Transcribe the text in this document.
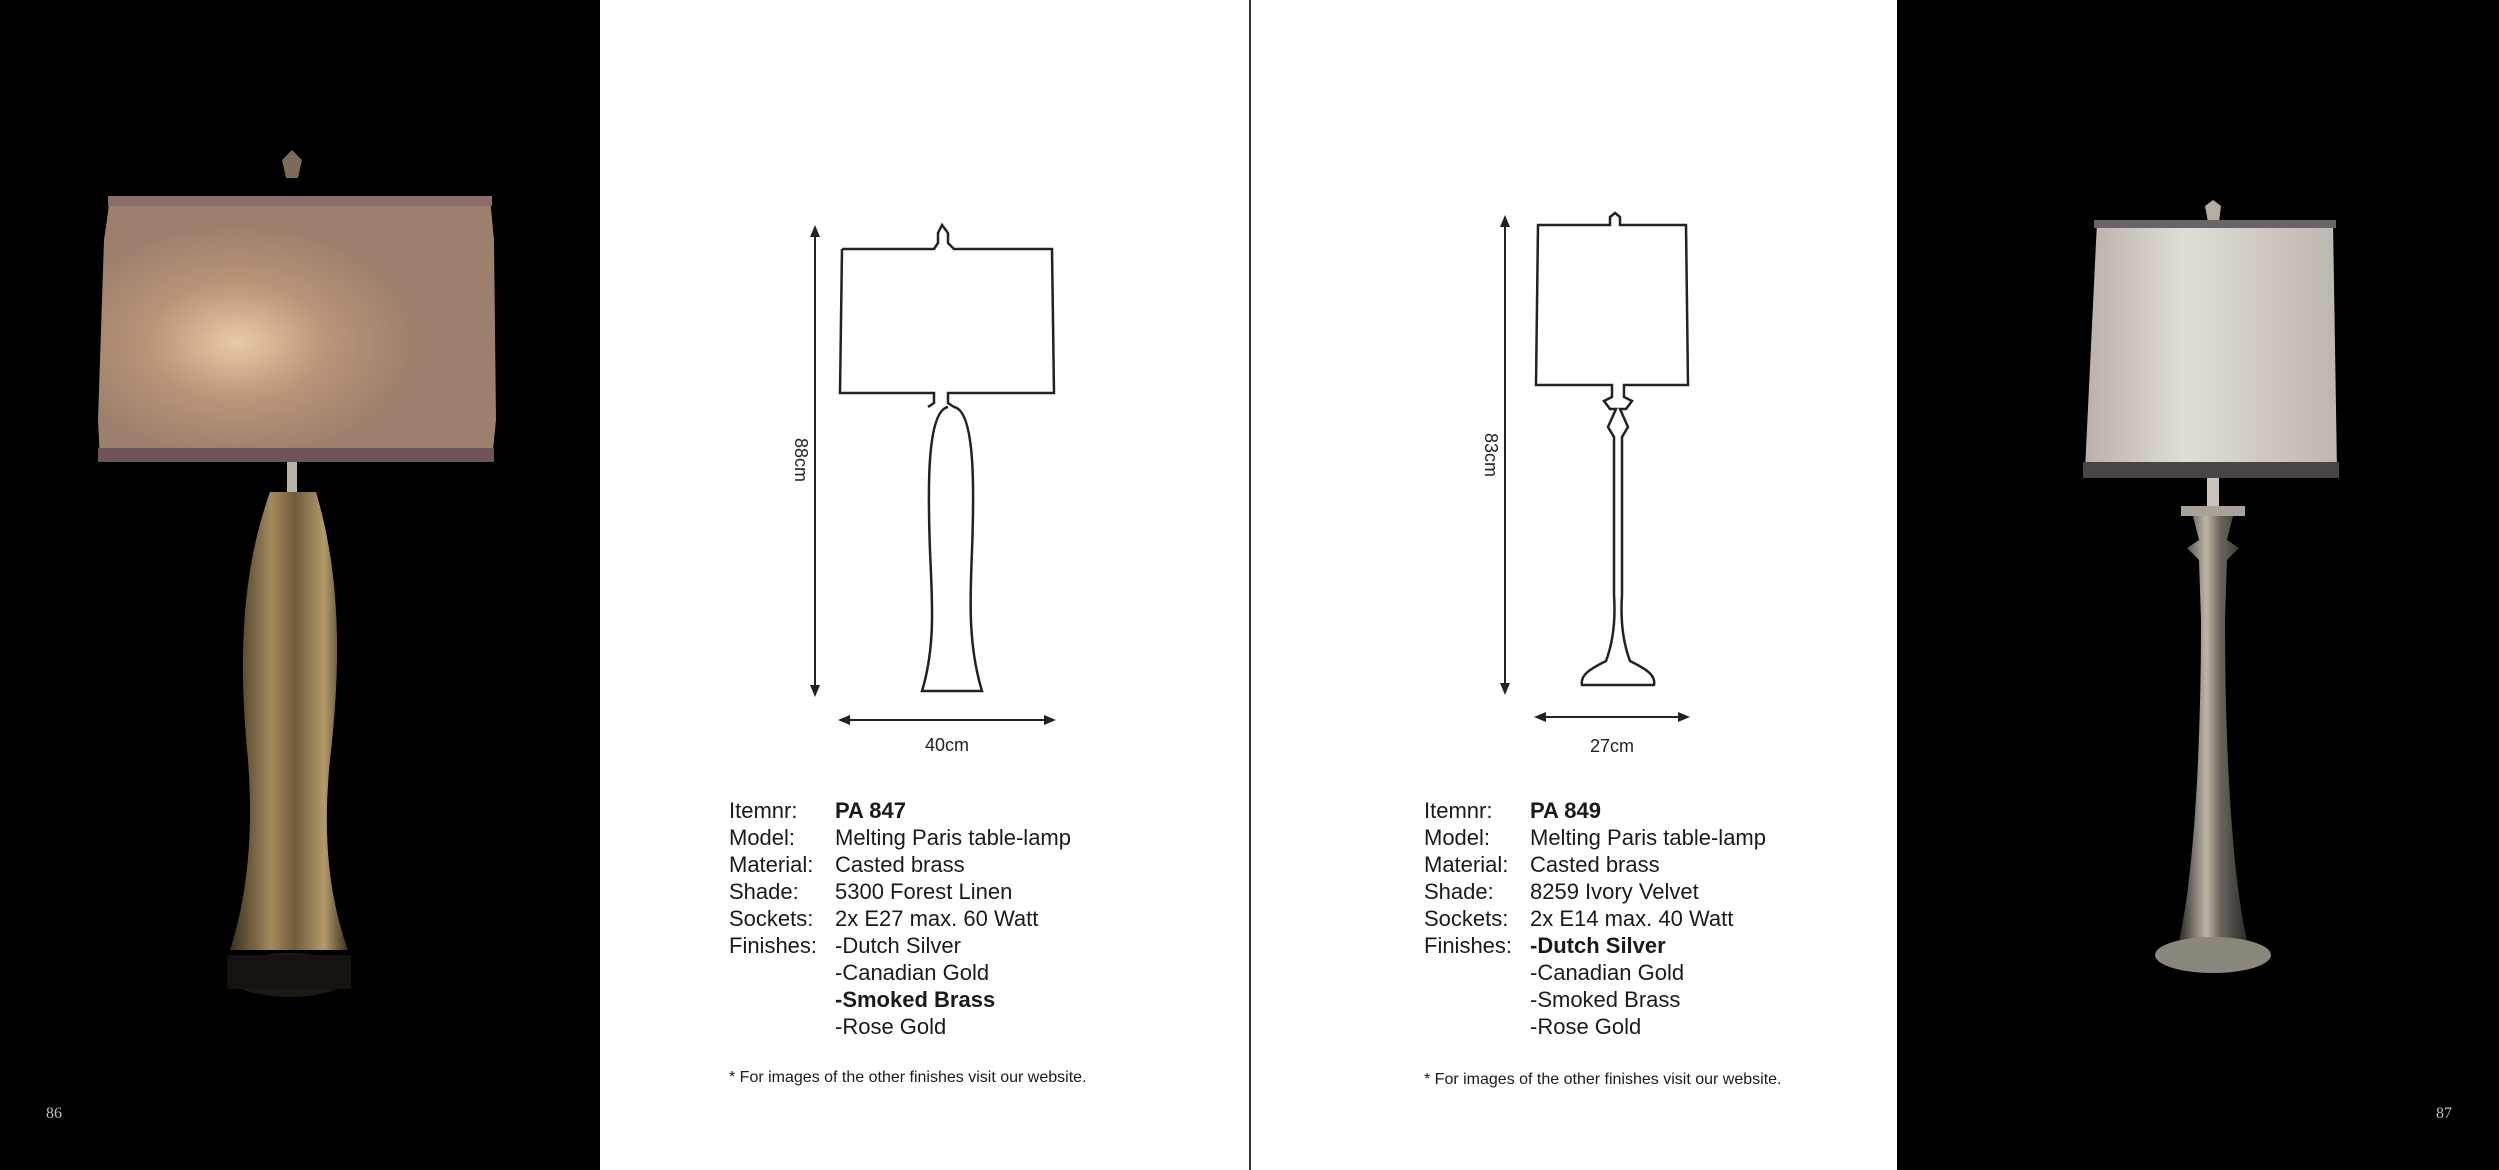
86
88cm
40cm
Itemnr:	PA 847
Model:	Melting Paris table-lamp
Material: Casted brass
Shade:	5300 Forest Linen
Sockets: 2x E27 max. 60 Watt
Finishes: -Dutch Silver
-Canadian Gold
-Smoked Brass
-Rose Gold
* For images of the other finishes visit our website.
83cm
27cm
Itemnr:	PA 849
Model:	Melting Paris table-lamp
Material: Casted brass
Shade:	8259 Ivory Velvet
Sockets: 2x E14 max. 40 Watt
Finishes: -Dutch Silver
-Canadian Gold
-Smoked Brass
-Rose Gold
* For images of the other finishes visit our website.
87
